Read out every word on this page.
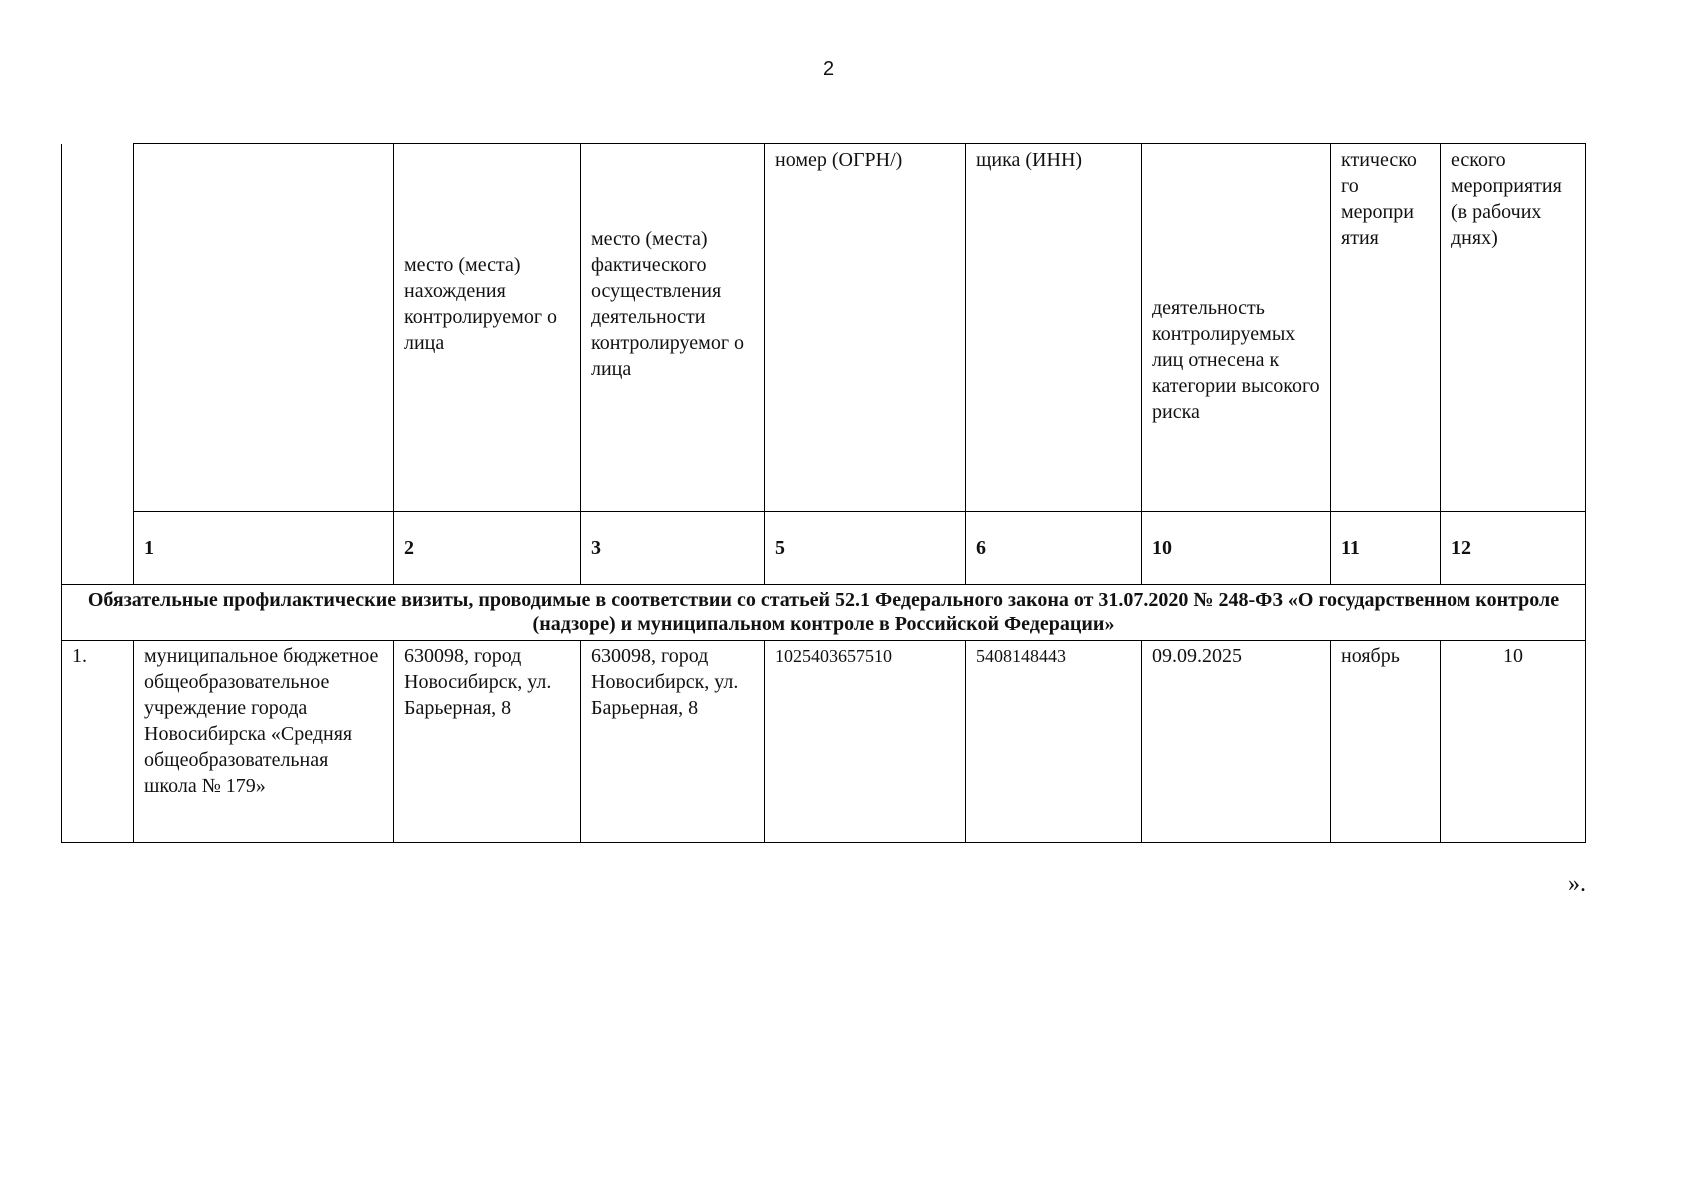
2

		место (места) нахождения контролируемог о лица	место (места) фактического осуществления деятельности контролируемог о лица	номер (ОГРН/)	щика (ИНН)	деятельность контролируемых лиц отнесена к категории высокого риска	ктическо го меропри ятия	еского мероприятия (в рабочих днях)

	1	2	3	5	6	10	11	12
Обязательные профилактические визиты, проводимые в соответствии со статьей 52.1 Федерального закона от 31.07.2020 № 248-ФЗ «О государственном контроле (надзоре) и муниципальном контроле в Российской Федерации»								
1.	муниципальное бюджетное общеобразовательное учреждение города Новосибирска «Средняя общеобразовательная школа № 179»	630098, город Новосибирск, ул. Барьерная, 8	630098, город Новосибирск, ул. Барьерная, 8	1025403657510	5408148443	09.09.2025	ноябрь	10
».
